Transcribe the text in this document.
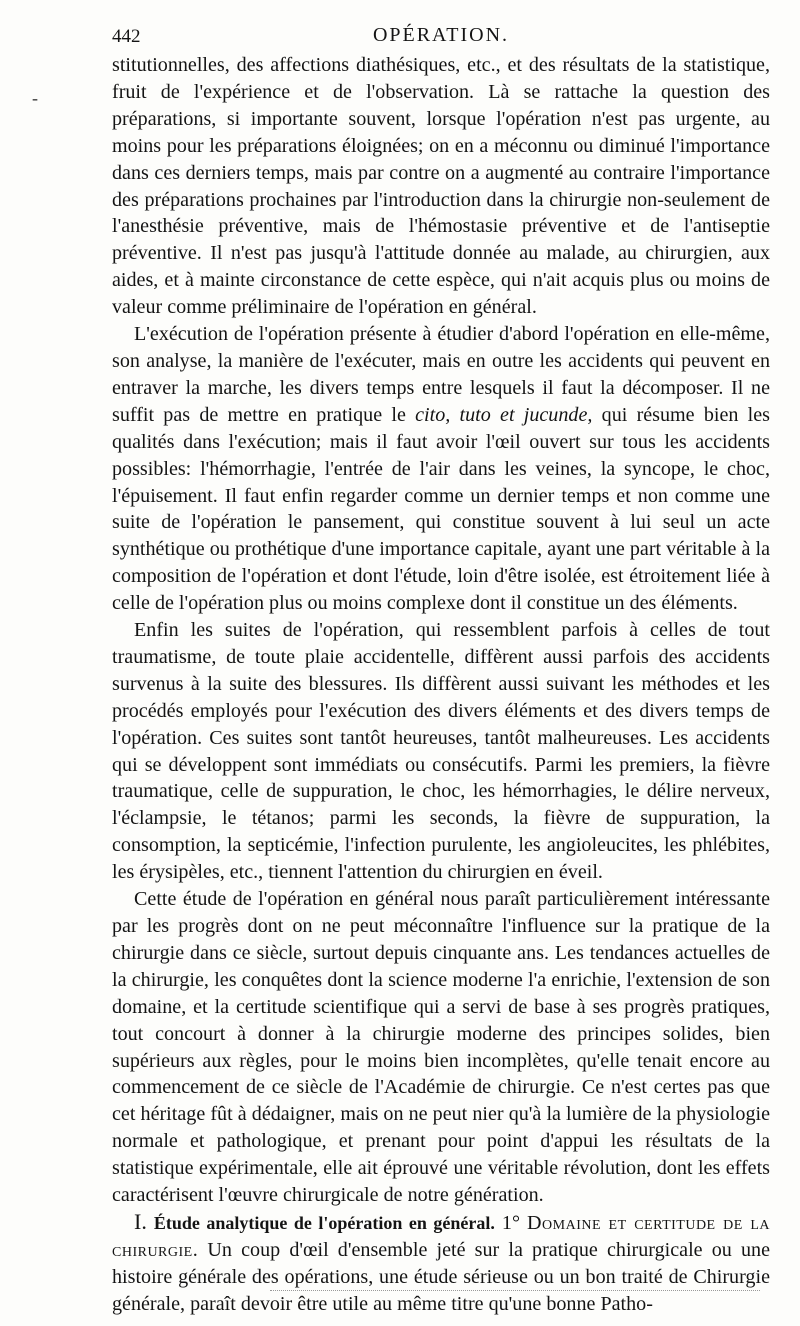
442	OPÉRATION.
-

stitutionnelles, des affections diathésiques, etc., et des résultats de la statistique, fruit de l'expérience et de l'observation. Là se rattache la question des préparations, si importante souvent, lorsque l'opération n'est pas urgente, au moins pour les préparations éloignées; on en a méconnu ou diminué l'importance dans ces derniers temps, mais par contre on a augmenté au contraire l'importance des préparations prochaines par l'introduction dans la chirurgie non-seulement de l'anesthésie préventive, mais de l'hémostasie préventive et de l'antiseptie préventive. Il n'est pas jusqu'à l'attitude donnée au malade, au chirurgien, aux aides, et à mainte circonstance de cette espèce, qui n'ait acquis plus ou moins de valeur comme préliminaire de l'opération en général.

L'exécution de l'opération présente à étudier d'abord l'opération en elle-même, son analyse, la manière de l'exécuter, mais en outre les accidents qui peuvent en entraver la marche, les divers temps entre lesquels il faut la décomposer. Il ne suffit pas de mettre en pratique le cito, tuto et jucunde, qui résume bien les qualités dans l'exécution; mais il faut avoir l'œil ouvert sur tous les accidents possibles: l'hémorrhagie, l'entrée de l'air dans les veines, la syncope, le choc, l'épuisement. Il faut enfin regarder comme un dernier temps et non comme une suite de l'opération le pansement, qui constitue souvent à lui seul un acte synthétique ou prothétique d'une importance capitale, ayant une part véritable à la composition de l'opération et dont l'étude, loin d'être isolée, est étroitement liée à celle de l'opération plus ou moins complexe dont il constitue un des éléments.

Enfin les suites de l'opération, qui ressemblent parfois à celles de tout traumatisme, de toute plaie accidentelle, diffèrent aussi parfois des accidents survenus à la suite des blessures. Ils diffèrent aussi suivant les méthodes et les procédés employés pour l'exécution des divers éléments et des divers temps de l'opération. Ces suites sont tantôt heureuses, tantôt malheureuses. Les accidents qui se développent sont immédiats ou consécutifs. Parmi les premiers, la fièvre traumatique, celle de suppuration, le choc, les hémorrhagies, le délire nerveux, l'éclampsie, le tétanos; parmi les seconds, la fièvre de suppuration, la consomption, la septicémie, l'infection purulente, les angioleucites, les phlébites, les érysipèles, etc., tiennent l'attention du chirurgien en éveil.

Cette étude de l'opération en général nous paraît particulièrement intéressante par les progrès dont on ne peut méconnaître l'influence sur la pratique de la chirurgie dans ce siècle, surtout depuis cinquante ans. Les tendances actuelles de la chirurgie, les conquêtes dont la science moderne l'a enrichie, l'extension de son domaine, et la certitude scientifique qui a servi de base à ses progrès pratiques, tout concourt à donner à la chirurgie moderne des principes solides, bien supérieurs aux règles, pour le moins bien incomplètes, qu'elle tenait encore au commencement de ce siècle de l'Académie de chirurgie. Ce n'est certes pas que cet héritage fût à dédaigner, mais on ne peut nier qu'à la lumière de la physiologie normale et pathologique, et prenant pour point d'appui les résultats de la statistique expérimentale, elle ait éprouvé une véritable révolution, dont les effets caractérisent l'œuvre chirurgicale de notre génération.

I. Étude analytique de l'opération en général. 1° Domaine et certitude de la chirurgie. Un coup d'œil d'ensemble jeté sur la pratique chirurgicale ou une histoire générale des opérations, une étude sérieuse ou un bon traité de Chirurgie générale, paraît devoir être utile au même titre qu'une bonne Patho-
